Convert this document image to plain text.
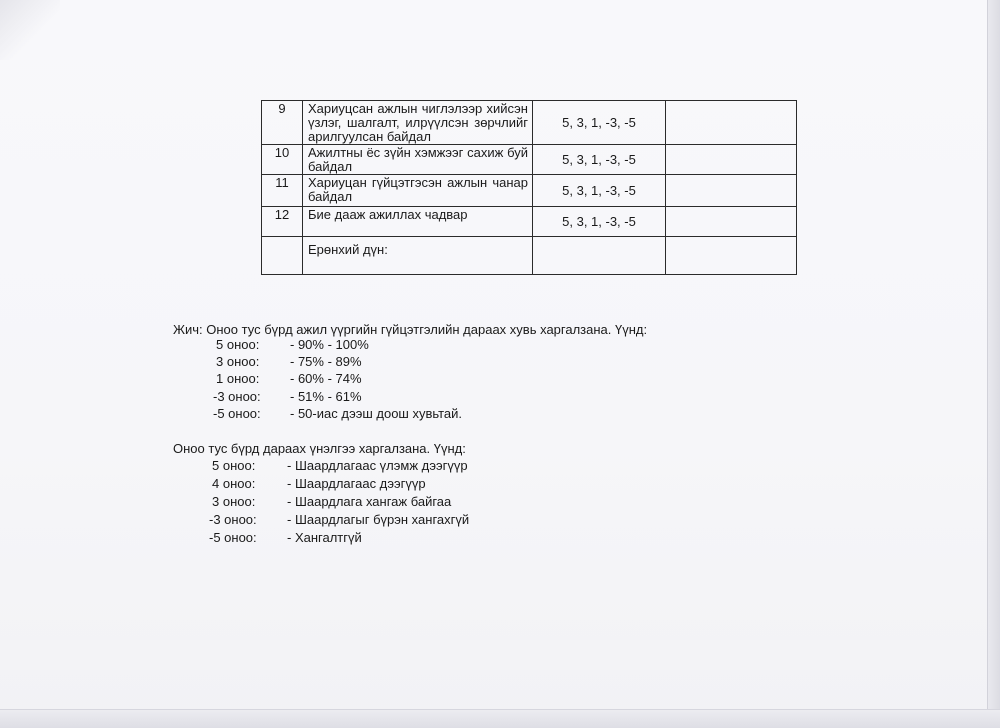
9	Хариуцсан ажлын чиглэлээр хийсэн үзлэг, шалгалт, илрүүлсэн зөрчлийг арилгуулсан байдал	5, 3, 1, -3, -5	
10	Ажилтны ёс зүйн хэмжээг сахиж буй байдал	5, 3, 1, -3, -5	
11	Хариуцан гүйцэтгэсэн ажлын чанар байдал	5, 3, 1, -3, -5	
12	Бие дааж ажиллах чадвар	5, 3, 1, -3, -5	
	Ерөнхий дүн:		
Жич: Оноо тус бүрд ажил үүргийн гүйцэтгэлийн дараах хувь харгалзана. Үүнд:
5 оноо: - 90% - 100%
3 оноо: - 75% - 89%
1 оноо: - 60% - 74%
-3 оноо: - 51% - 61%
-5 оноо: - 50-иас дээш доош хувьтай.
Оноо тус бүрд дараах үнэлгээ харгалзана. Үүнд:
5 оноо: - Шаардлагаас үлэмж дээгүүр
4 оноо: - Шаардлагаас дээгүүр
3 оноо: - Шаардлага хангаж байгаа
-3 оноо: - Шаардлагыг бүрэн хангахгүй
-5 оноо: - Хангалтгүй
